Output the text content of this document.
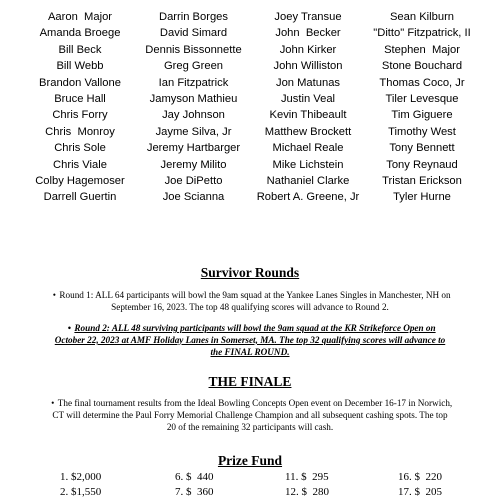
Aaron  Major
Amanda Broege
Bill Beck
Bill Webb
Brandon Vallone
Bruce Hall
Chris Forry
Chris  Monroy
Chris Sole
Chris Viale
Colby Hagemoser
Darrell Guertin
Darrin Borges
David Simard
Dennis Bissonnette
Greg Green
Ian Fitzpatrick
Jamyson Mathieu
Jay Johnson
Jayme Silva, Jr
Jeremy Hartbarger
Jeremy Milito
Joe DiPetto
Joe Scianna
Joey Transue
John  Becker
John Kirker
John Williston
Jon Matunas
Justin Veal
Kevin Thibeault
Matthew Brockett
Michael Reale
Mike Lichstein
Nathaniel Clarke
Robert A. Greene, Jr
Sean Kilburn
"Ditto" Fitzpatrick, II
Stephen  Major
Stone Bouchard
Thomas Coco, Jr
Tiler Levesque
Tim Giguere
Timothy West
Tony Bennett
Tony Reynaud
Tristan Erickson
Tyler Hurne
Survivor Rounds
• Round 1: ALL 64 participants will bowl the 9am squad at the Yankee Lanes Singles in Manchester, NH on
September 16, 2023. The top 48 qualifying scores will advance to Round 2.
• Round 2: ALL 48 surviving participants will bowl the 9am squad at the KR Strikeforce Open on
October 22, 2023 at AMF Holiday Lanes in Somerset, MA. The top 32 qualifying scores will advance to
the FINAL ROUND.
THE FINALE
• The final tournament results from the Ideal Bowling Concepts Open event on December 16-17 in Norwich,
CT will determine the Paul Forry Memorial Challenge Champion and all subsequent cashing spots. The top
20 of the remaining 32 participants will cash.
Prize Fund
1. $2,000
2. $1,550
6. $  440
7. $  360
11. $  295
12. $  280
16. $  220
17. $  205
